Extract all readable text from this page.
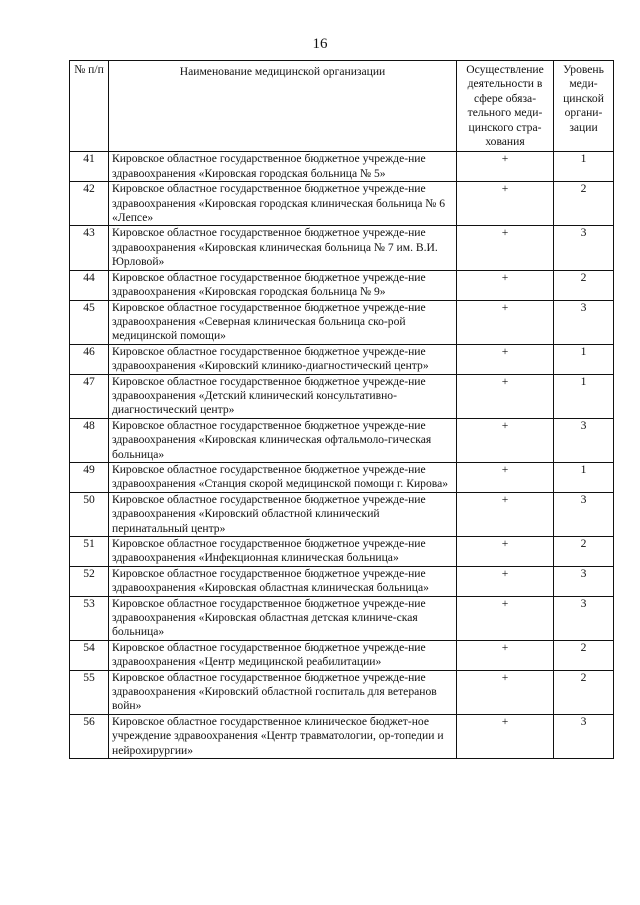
16
№ п/п	Наименование медицинской организации	Осуществление деятельности в сфере обяза-тельного меди-цинского стра-хования	Уровень меди-цинской органи-зации
41	Кировское областное государственное бюджетное учрежде-ние здравоохранения «Кировская городская больница № 5»	+	1
42	Кировское областное государственное бюджетное учрежде-ние здравоохранения «Кировская городская клиническая больница № 6 «Лепсе»	+	2
43	Кировское областное государственное бюджетное учрежде-ние здравоохранения «Кировская клиническая больница № 7 им. В.И. Юрловой»	+	3
44	Кировское областное государственное бюджетное учрежде-ние здравоохранения «Кировская городская больница № 9»	+	2
45	Кировское областное государственное бюджетное учрежде-ние здравоохранения «Северная клиническая больница ско-рой медицинской помощи»	+	3
46	Кировское областное государственное бюджетное учрежде-ние здравоохранения «Кировский клинико-диагностический центр»	+	1
47	Кировское областное государственное бюджетное учрежде-ние здравоохранения «Детский клинический консультативно-диагностический центр»	+	1
48	Кировское областное государственное бюджетное учрежде-ние здравоохранения «Кировская клиническая офтальмоло-гическая больница»	+	3
49	Кировское областное государственное бюджетное учрежде-ние здравоохранения «Станция скорой медицинской помощи г. Кирова»	+	1
50	Кировское областное государственное бюджетное учрежде-ние здравоохранения «Кировский областной клинический перинатальный центр»	+	3
51	Кировское областное государственное бюджетное учрежде-ние здравоохранения «Инфекционная клиническая больница»	+	2
52	Кировское областное государственное бюджетное учрежде-ние здравоохранения «Кировская областная клиническая больница»	+	3
53	Кировское областное государственное бюджетное учрежде-ние здравоохранения «Кировская областная детская клиниче-ская больница»	+	3
54	Кировское областное государственное бюджетное учрежде-ние здравоохранения «Центр медицинской реабилитации»	+	2
55	Кировское областное государственное бюджетное учрежде-ние здравоохранения «Кировский областной госпиталь для ветеранов войн»	+	2
56	Кировское областное государственное клиническое бюджет-ное учреждение здравоохранения «Центр травматологии, ор-топедии и нейрохирургии»	+	3
